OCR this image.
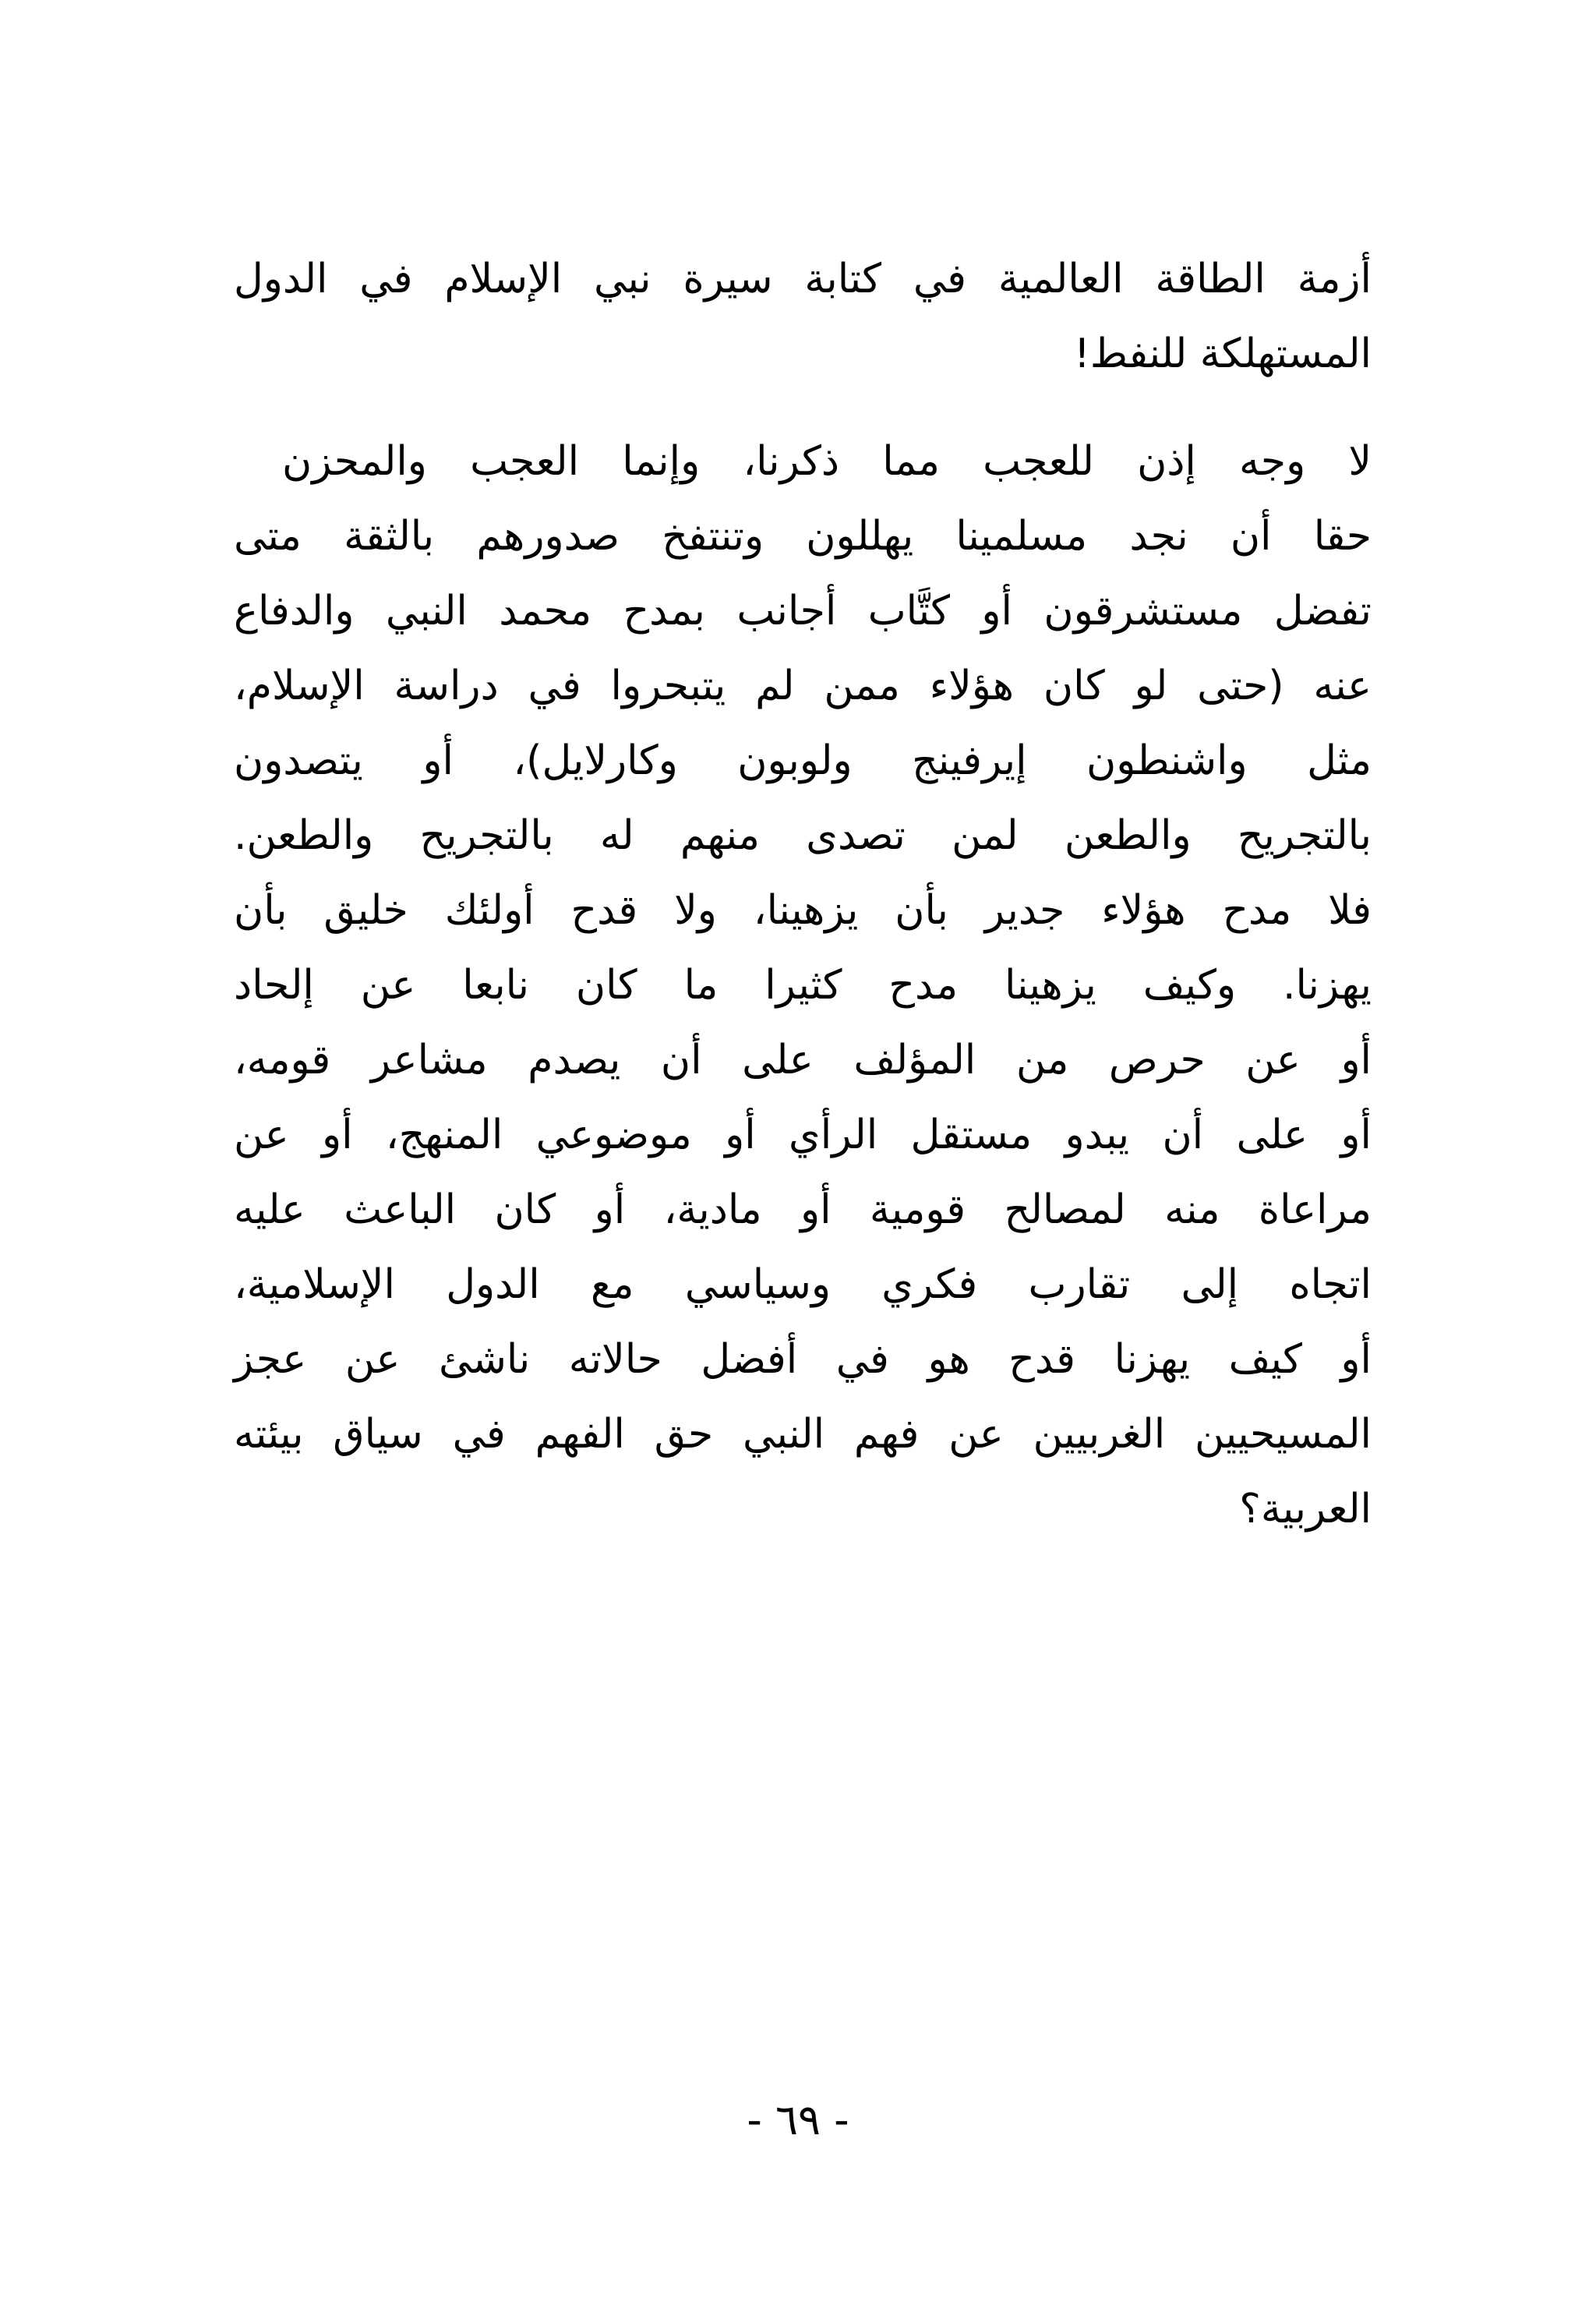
أزمة الطاقة العالمية في كتابة سيرة نبي الإسلام في الدول
المستهلكة للنفط!
لا وجه إذن للعجب مما ذكرنا، وإنما العجب والمحزن
حقا أن نجد مسلمينا يهللون وتنتفخ صدورهم بالثقة متى
تفضل مستشرقون أو كتَّاب أجانب بمدح محمد النبي والدفاع
عنه (حتى لو كان هؤلاء ممن لم يتبحروا في دراسة الإسلام،
مثل واشنطون إيرفينج ولوبون وكارلايل)، أو يتصدون
بالتجريح والطعن لمن تصدى منهم له بالتجريح والطعن.
فلا مدح هؤلاء جدير بأن يزهينا، ولا قدح أولئك خليق بأن
يهزنا. وكيف يزهينا مدح كثيرا ما كان نابعا عن إلحاد
أو عن حرص من المؤلف على أن يصدم مشاعر قومه،
أو على أن يبدو مستقل الرأي أو موضوعي المنهج، أو عن
مراعاة منه لمصالح قومية أو مادية، أو كان الباعث عليه
اتجاه إلى تقارب فكري وسياسي مع الدول الإسلامية،
أو كيف يهزنا قدح هو في أفضل حالاته ناشئ عن عجز
المسيحيين الغربيين عن فهم النبي حق الفهم في سياق بيئته
العربية؟
- ٦٩ -
